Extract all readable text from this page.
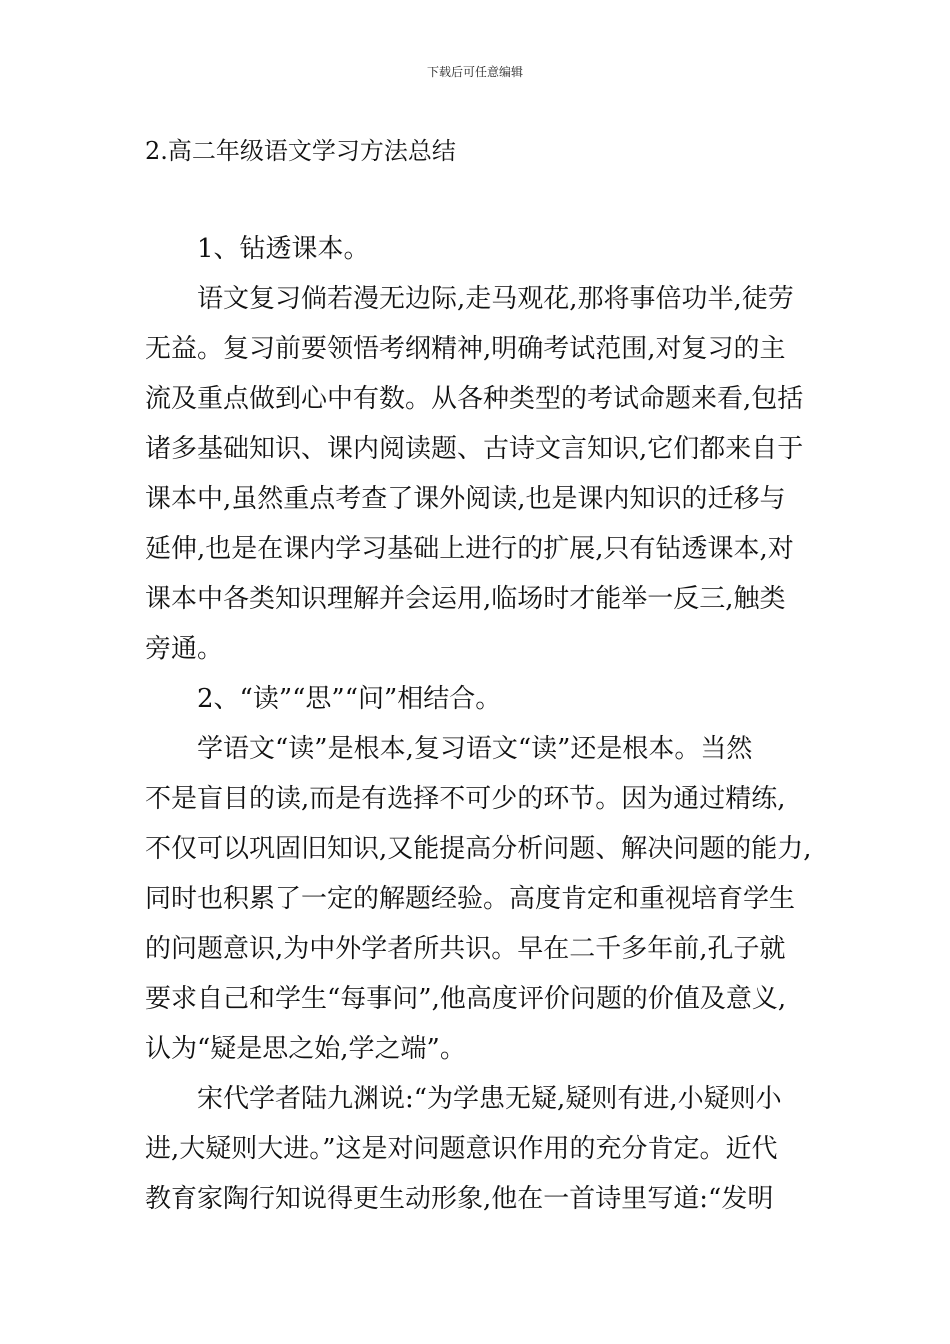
下载后可任意编辑
2.高二年级语文学习方法总结
1、钻透课本。
语文复习倘若漫无边际,走马观花,那将事倍功半,徒劳
无益。复习前要领悟考纲精神,明确考试范围,对复习的主
流及重点做到心中有数。从各种类型的考试命题来看,包括
诸多基础知识、课内阅读题、古诗文言知识,它们都来自于
课本中,虽然重点考查了课外阅读,也是课内知识的迁移与
延伸,也是在课内学习基础上进行的扩展,只有钻透课本,对
课本中各类知识理解并会运用,临场时才能举一反三,触类
旁通。
2、“读”“思”“问”相结合。
学语文“读”是根本,复习语文“读”还是根本。当然
不是盲目的读,而是有选择不可少的环节。因为通过精练,
不仅可以巩固旧知识,又能提高分析问题、解决问题的能力,
同时也积累了一定的解题经验。高度肯定和重视培育学生
的问题意识,为中外学者所共识。早在二千多年前,孔子就
要求自己和学生“每事问”,他高度评价问题的价值及意义,
认为“疑是思之始,学之端”。
宋代学者陆九渊说:“为学患无疑,疑则有进,小疑则小
进,大疑则大进。”这是对问题意识作用的充分肯定。近代
教育家陶行知说得更生动形象,他在一首诗里写道:“发明
